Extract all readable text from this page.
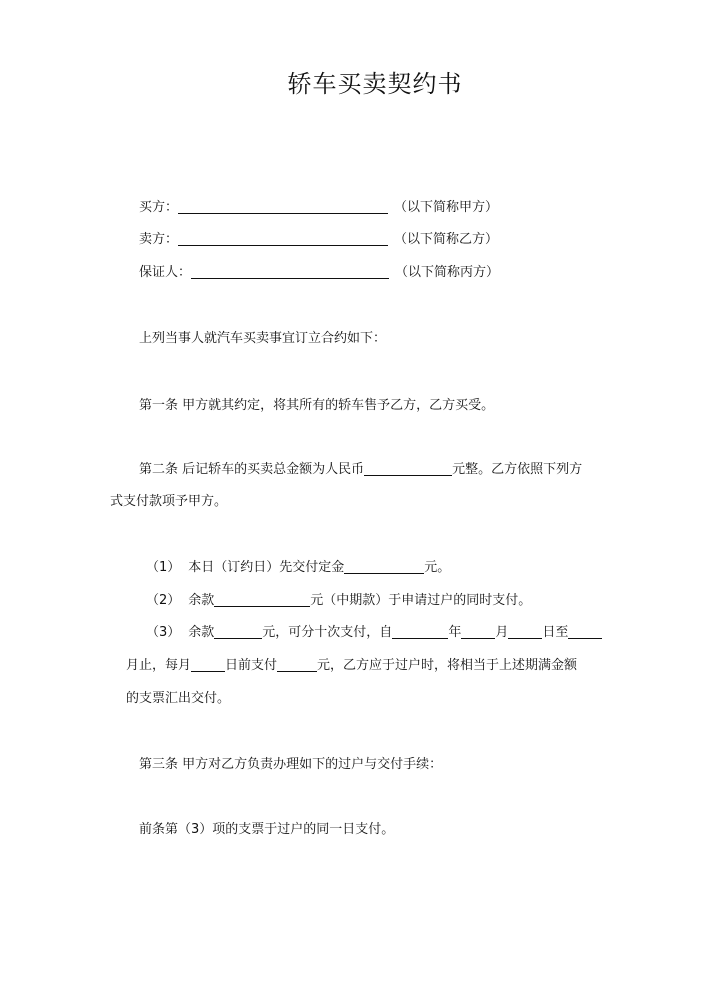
轿车买卖契约书
买方：	（以下简称甲方）
卖方：	（以下简称乙方）
保证人：	（以下简称丙方）
上列当事人就汽车买卖事宜订立合约如下：
第一条 甲方就其约定，将其所有的轿车售予乙方，乙方买受。
第二条 后记轿车的买卖总金额为人民币	元整。乙方依照下列方
式支付款项予甲方。
（1） 本日（订约日）先交付定金	元。
（2） 余款	元（中期款）于申请过户的同时支付。
（3） 余款	元，可分十次支付，自	年	月	日至
月止，每月	日前支付	元，乙方应于过户时，将相当于上述期满金额
的支票汇出交付。
第三条 甲方对乙方负责办理如下的过户与交付手续：
前条第（3）项的支票于过户的同一日支付。
